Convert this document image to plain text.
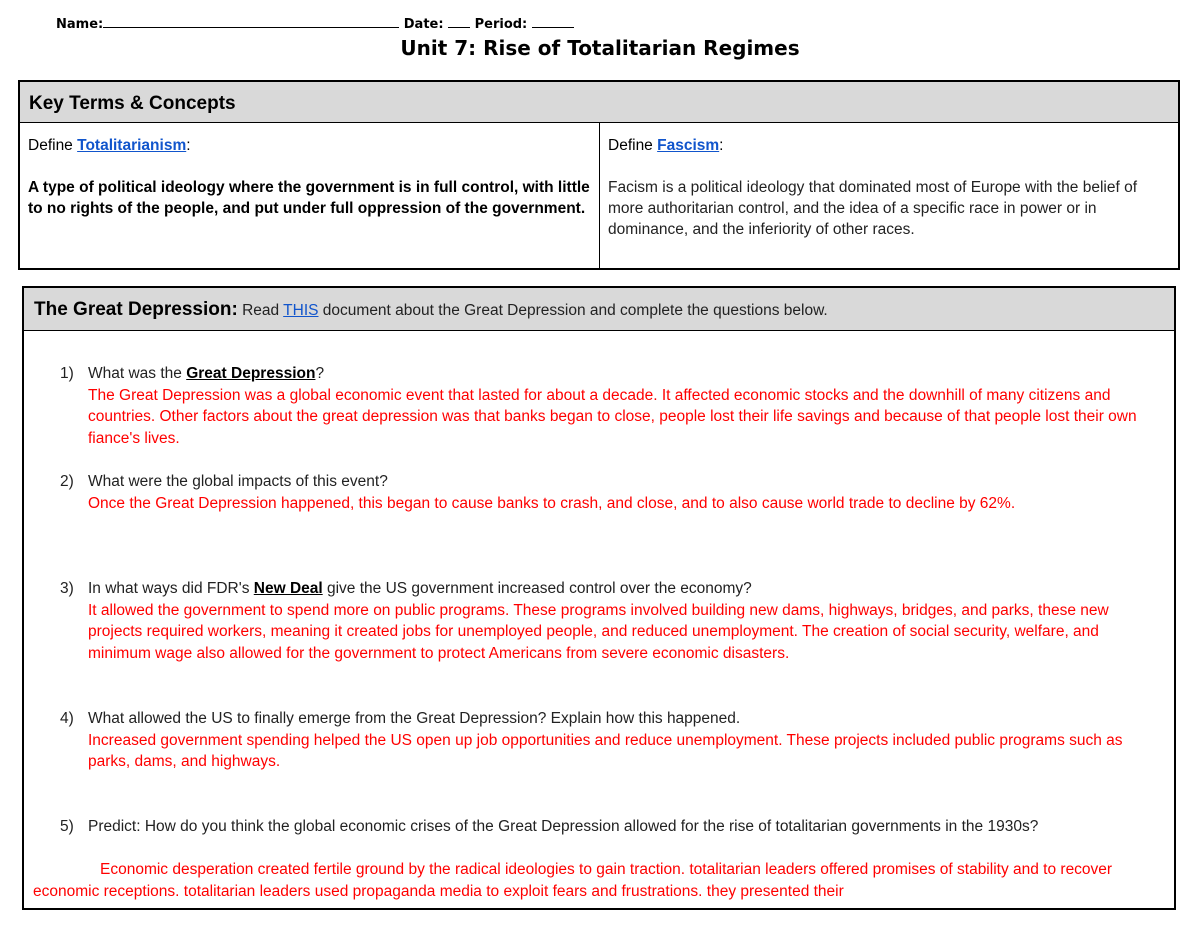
Name:	Date: Period:
Unit 7: Rise of Totalitarian Regimes
Key Terms & Concepts
Define Totalitarianism:
A type of political ideology where the government is in full control, with little to no rights of the people, and put under full oppression of the government.
Define Fascism:
Facism is a political ideology that dominated most of Europe with the belief of more authoritarian control, and the idea of a specific race in power or in dominance, and the inferiority of other races.
The Great Depression: Read THIS document about the Great Depression and complete the questions below.
1) What was the Great Depression?
The Great Depression was a global economic event that lasted for about a decade. It affected economic stocks and the downhill of many citizens and countries. Other factors about the great depression was that banks began to close, people lost their life savings and because of that people lost their own fiance's lives.
2) What were the global impacts of this event?
Once the Great Depression happened, this began to cause banks to crash, and close, and to also cause world trade to decline by 62%.
3) In what ways did FDR's New Deal give the US government increased control over the economy?
It allowed the government to spend more on public programs. These programs involved building new dams, highways, bridges, and parks, these new projects required workers, meaning it created jobs for unemployed people, and reduced unemployment. The creation of social security, welfare, and minimum wage also allowed for the government to protect Americans from severe economic disasters.
4) What allowed the US to finally emerge from the Great Depression? Explain how this happened.
Increased government spending helped the US open up job opportunities and reduce unemployment. These projects included public programs such as parks, dams, and highways.
5) Predict: How do you think the global economic crises of the Great Depression allowed for the rise of totalitarian governments in the 1930s?
Economic desperation created fertile ground by the radical ideologies to gain traction. totalitarian leaders offered promises of stability and to recover economic receptions. totalitarian leaders used propaganda media to exploit fears and frustrations. they presented their
